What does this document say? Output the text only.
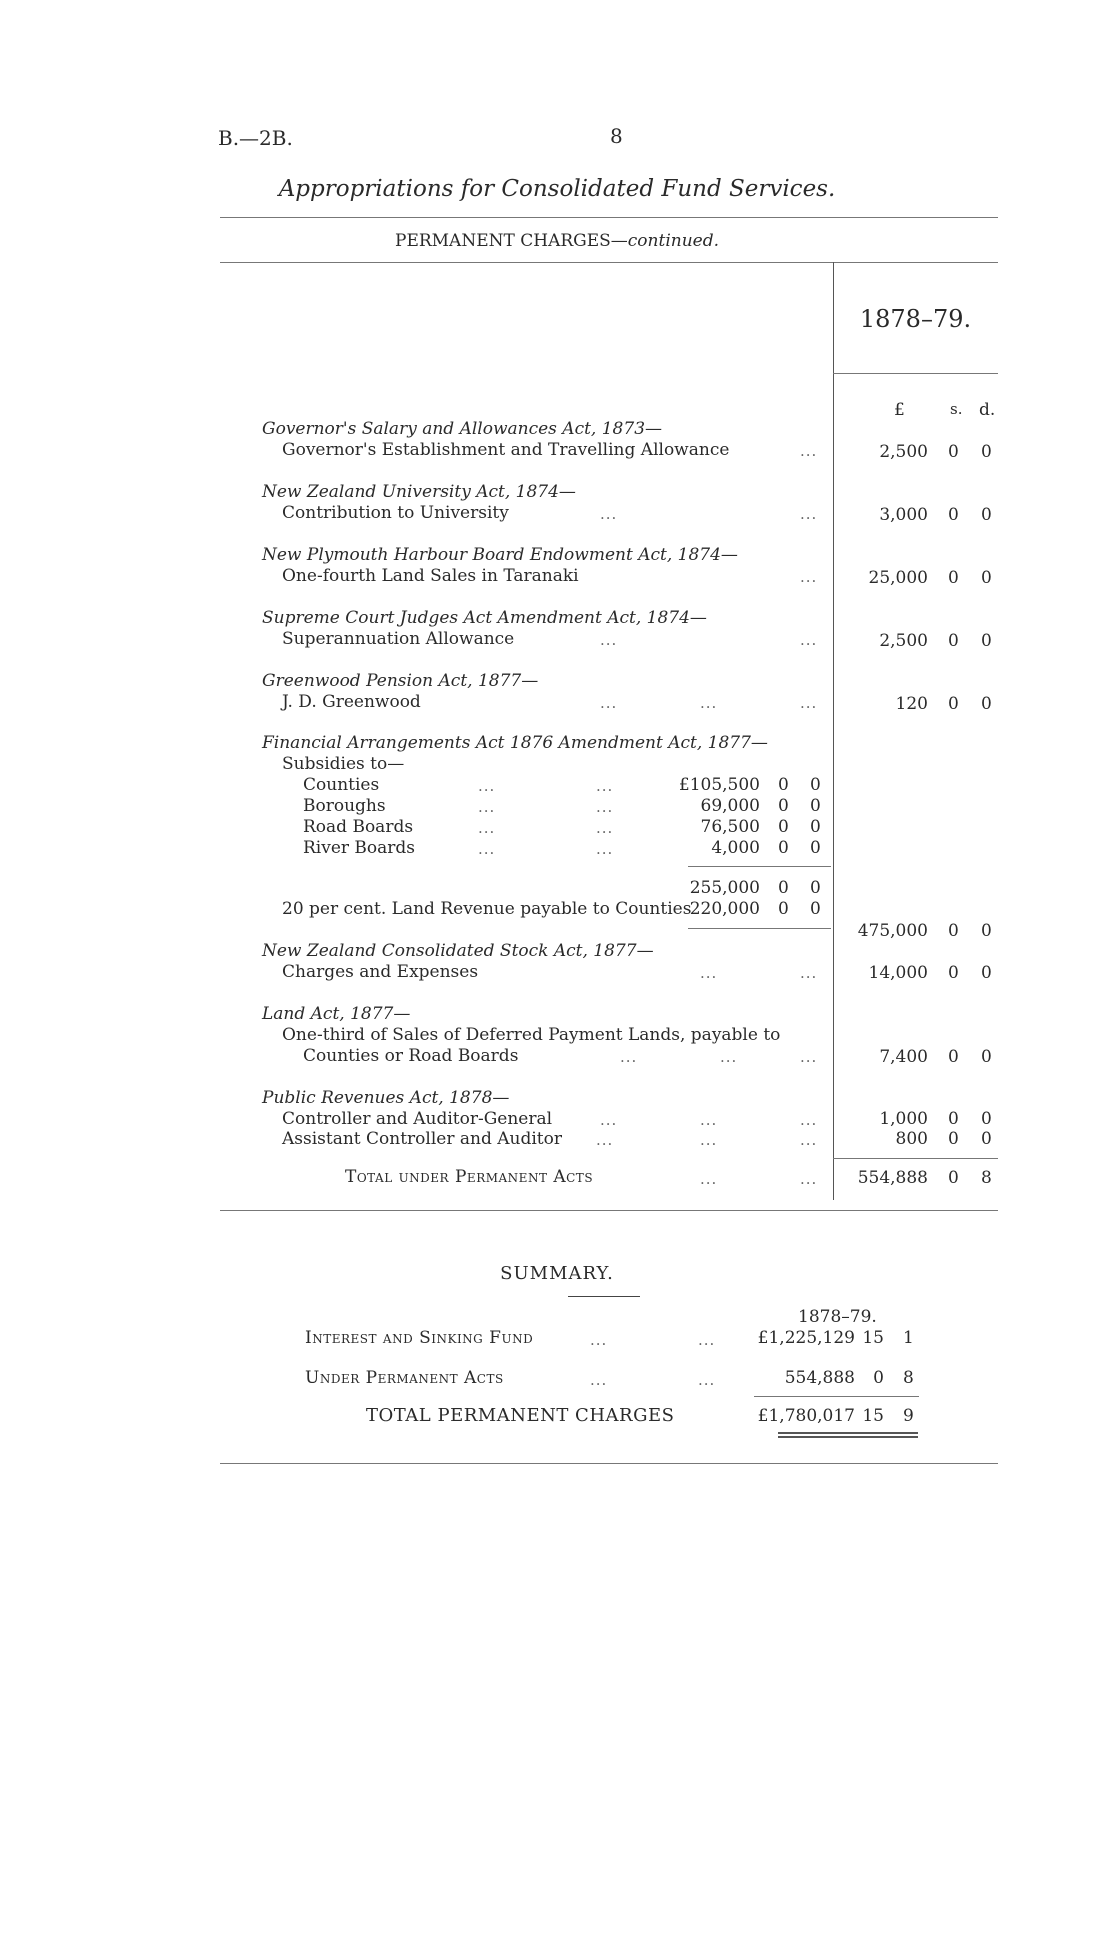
B.—2B.	8
Appropriations for Consolidated Fund Services.
PERMANENT CHARGES—continued.
1878–79.
£	s. d.
Governor's Salary and Allowances Act, 1873—
Governor's Establishment and Travelling Allowance	...	2,500 0 0
New Zealand University Act, 1874—
Contribution to University	...	...	3,000 0 0
New Plymouth Harbour Board Endowment Act, 1874—
One-fourth Land Sales in Taranaki	...	25,000 0 0
Supreme Court Judges Act Amendment Act, 1874—
Superannuation Allowance	...	...	2,500 0 0
Greenwood Pension Act, 1877—
J. D. Greenwood	...	...	...	120 0 0
Financial Arrangements Act 1876 Amendment Act, 1877—
Subsidies to—
Counties	...	...	£105,500 0 0
Boroughs	...	...	69,000 0 0
Road Boards	...	...	76,500 0 0
River Boards	...	...	4,000 0 0
255,000 0 0
20 per cent. Land Revenue payable to Counties
220,000 0 0
475,000 0 0
New Zealand Consolidated Stock Act, 1877—
Charges and Expenses	...	...	14,000 0 0
Land Act, 1877—
One-third of Sales of Deferred Payment Lands, payable to
Counties or Road Boards	...	...	...	7,400 0 0
Public Revenues Act, 1878—
Controller and Auditor-General	...	...	...	1,000 0 0
Assistant Controller and Auditor ...	...	...	800 0 0
Total under Permanent Acts	...	...	554,888 0 8
SUMMARY.
1878–79.
Interest and Sinking Fund	...	...	£1,225,129 15 1
Under Permanent Acts	...	...	554,888	0 8
TOTAL PERMANENT CHARGES	£1,780,017 15 9
